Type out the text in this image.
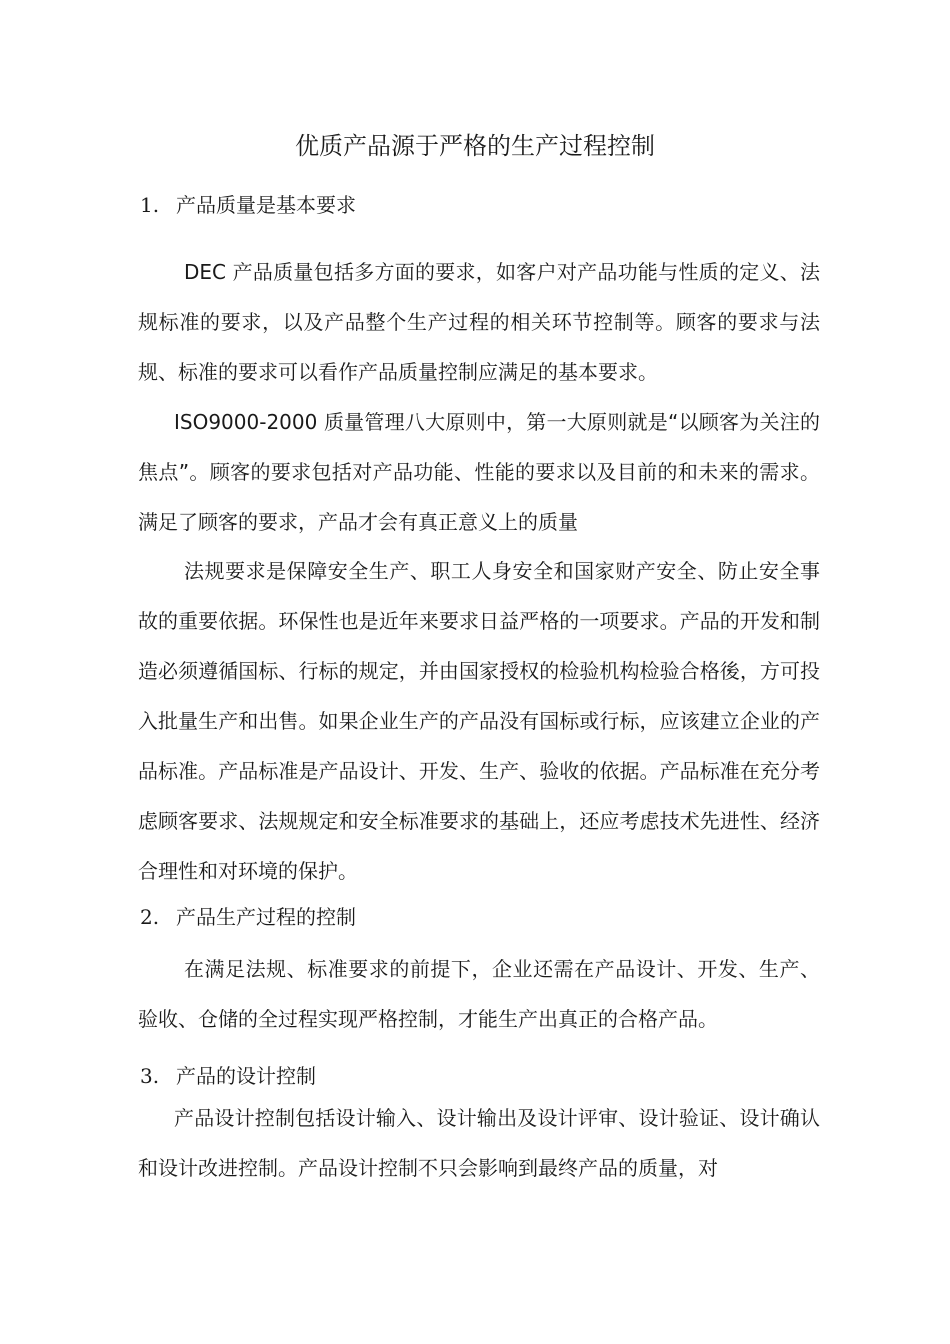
优质产品源于严格的生产过程控制
1. 产品质量是基本要求

DEC 产品质量包括多方面的要求，如客户对产品功能与性质的定义、法规标准的要求，以及产品整个生产过程的相关环节控制等。顾客的要求与法规、标准的要求可以看作产品质量控制应满足的基本要求。

ISO9000-2000 质量管理八大原则中，第一大原则就是“以顾客为关注的焦点”。顾客的要求包括对产品功能、性能的要求以及目前的和未来的需求。满足了顾客的要求，产品才会有真正意义上的质量

法规要求是保障安全生产、职工人身安全和国家财产安全、防止安全事故的重要依据。环保性也是近年来要求日益严格的一项要求。产品的开发和制造必须遵循国标、行标的规定，并由国家授权的检验机构检验合格後，方可投入批量生产和出售。如果企业生产的产品没有国标或行标，应该建立企业的产品标准。产品标准是产品设计、开发、生产、验收的依据。产品标准在充分考虑顾客要求、法规规定和安全标准要求的基础上，还应考虑技术先进性、经济合理性和对环境的保护。

2. 产品生产过程的控制

在满足法规、标准要求的前提下，企业还需在产品设计、开发、生产、验收、仓储的全过程实现严格控制，才能生产出真正的合格产品。

3. 产品的设计控制

产品设计控制包括设计输入、设计输出及设计评审、设计验证、设计确认和设计改进控制。产品设计控制不只会影响到最终产品的质量，对
